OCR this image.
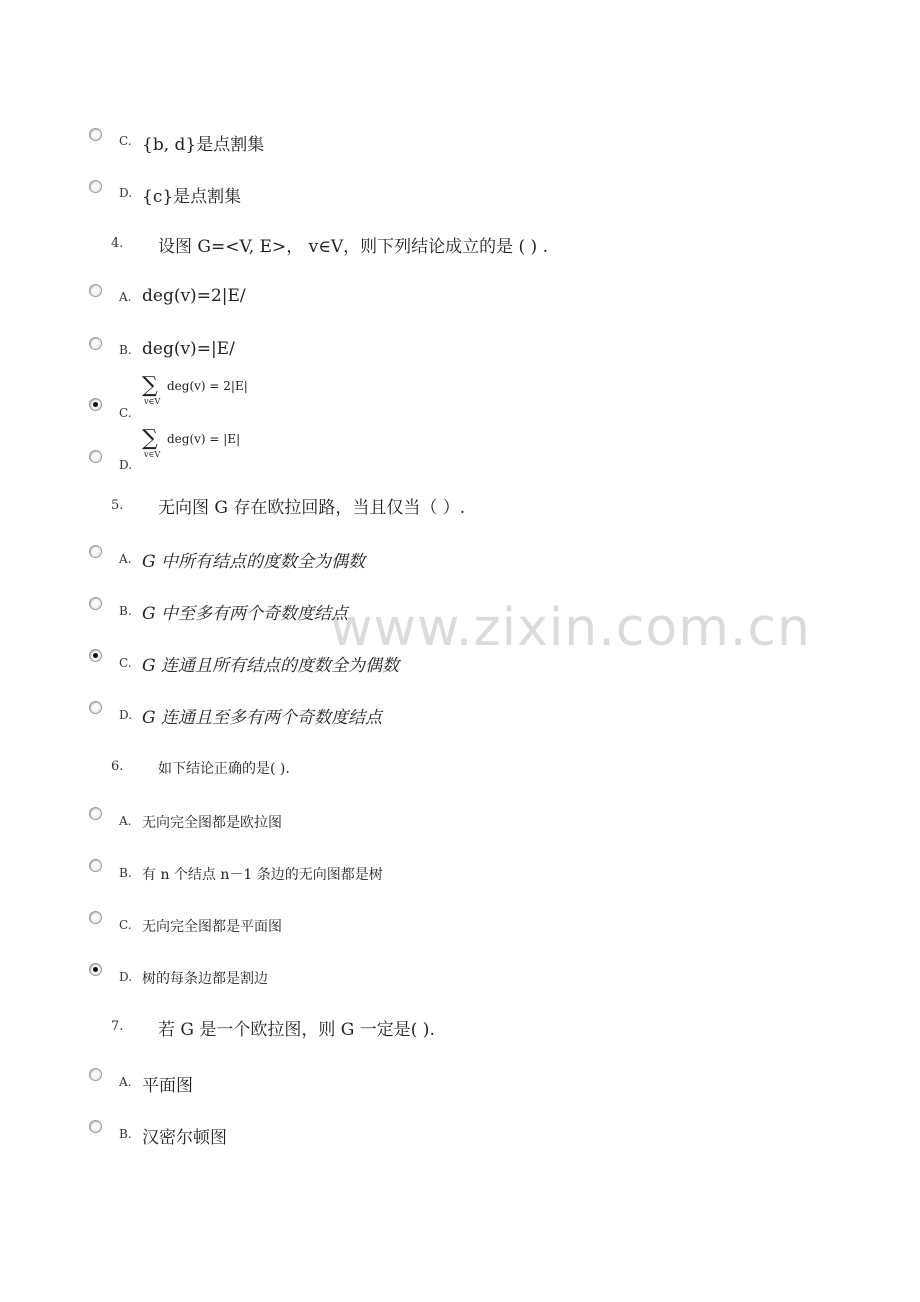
www.zixin.com.cn
C. {b, d}是点割集
D. {c}是点割集
4. 设图 G=<V, E>， v∈V，则下列结论成立的是 ( ) .
A. deg(v)=2|E/
B. deg(v)=|E/
C.
∑
v∈V
deg(v) = 2|E|
D.
∑
v∈V
deg(v) = |E|
5. 无向图 G 存在欧拉回路，当且仅当（ ）.
A. G 中所有结点的度数全为偶数
B. G 中至多有两个奇数度结点
C. G 连通且所有结点的度数全为偶数
D. G 连通且至多有两个奇数度结点
6. 如下结论正确的是( ).
A. 无向完全图都是欧拉图
B. 有 n 个结点 n－1 条边的无向图都是树
C. 无向完全图都是平面图
D. 树的每条边都是割边
7. 若 G 是一个欧拉图，则 G 一定是( ).
A. 平面图
B. 汉密尔顿图
